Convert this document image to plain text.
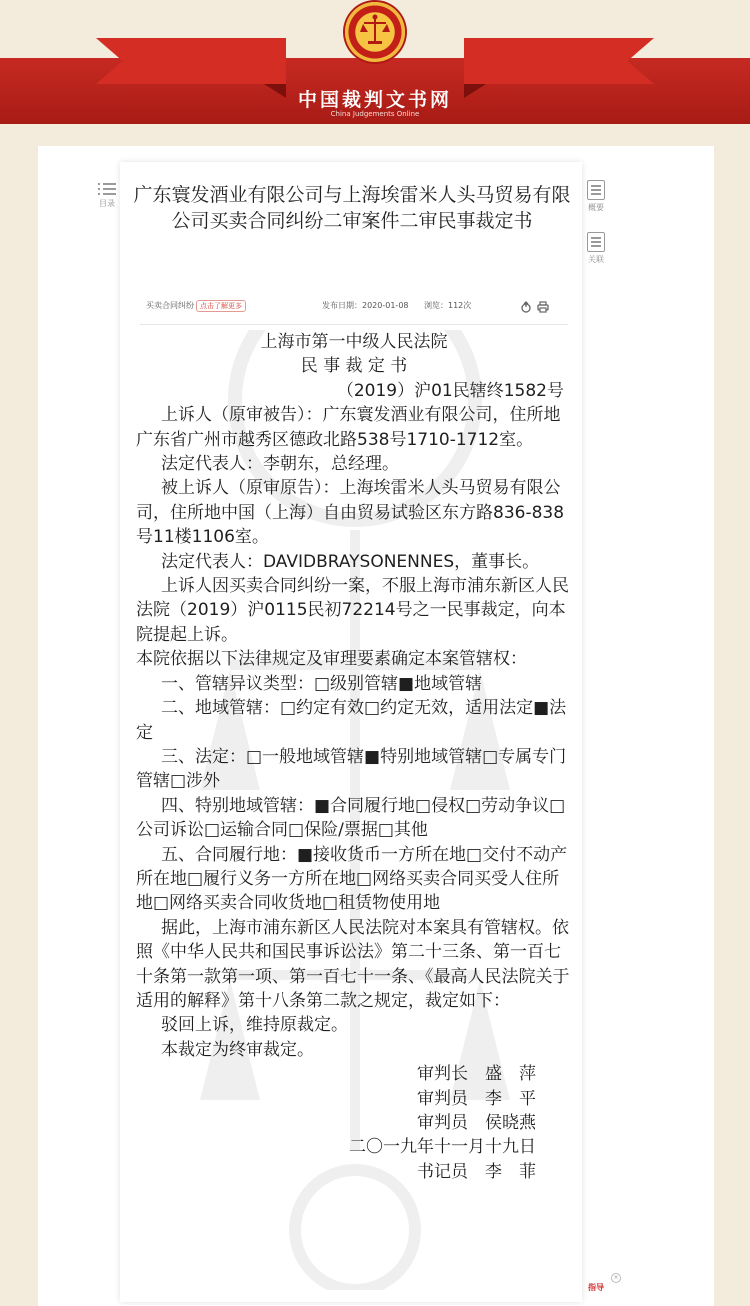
中国裁判文书网
China Judgements Online
目录	概要
关联
广东寰发酒业有限公司与上海埃雷米人头马贸易有限公司买卖合同纠纷二审案件二审民事裁定书
买卖合同纠纷 点击了解更多	发布日期：2020-01-08	浏览：112次

上海市第一中级人民法院

民 事 裁 定 书

（2019）沪01民辖终1582号

上诉人（原审被告）：广东寰发酒业有限公司，住所地广东省广州市越秀区德政北路538号1710-1712室。

法定代表人：李朝东，总经理。

被上诉人（原审原告）：上海埃雷米人头马贸易有限公司，住所地中国（上海）自由贸易试验区东方路836-838号11楼1106室。

法定代表人：DAVIDBRAYSONENNES，董事长。

上诉人因买卖合同纠纷一案，不服上海市浦东新区人民法院（2019）沪0115民初72214号之一民事裁定，向本院提起上诉。

本院依据以下法律规定及审理要素确定本案管辖权：

一、管辖异议类型：□级别管辖■地域管辖

二、地域管辖：□约定有效□约定无效，适用法定■法定

三、法定：□一般地域管辖■特别地域管辖□专属专门管辖□涉外

四、特别地域管辖：■合同履行地□侵权□劳动争议□公司诉讼□运输合同□保险/票据□其他

五、合同履行地：■接收货币一方所在地□交付不动产所在地□履行义务一方所在地□网络买卖合同买受人住所地□网络买卖合同收货地□租赁物使用地

据此，上海市浦东新区人民法院对本案具有管辖权。依照《中华人民共和国民事诉讼法》第二十三条、第一百七十条第一款第一项、第一百七十一条、《最高人民法院关于适用的解释》第十八条第二款之规定，裁定如下：

驳回上诉，维持原裁定。

本裁定为终审裁定。

审判长　盛　萍

审判员　李　平

审判员　侯晓燕

二〇一九年十一月十九日

书记员　李　菲

×
指导
